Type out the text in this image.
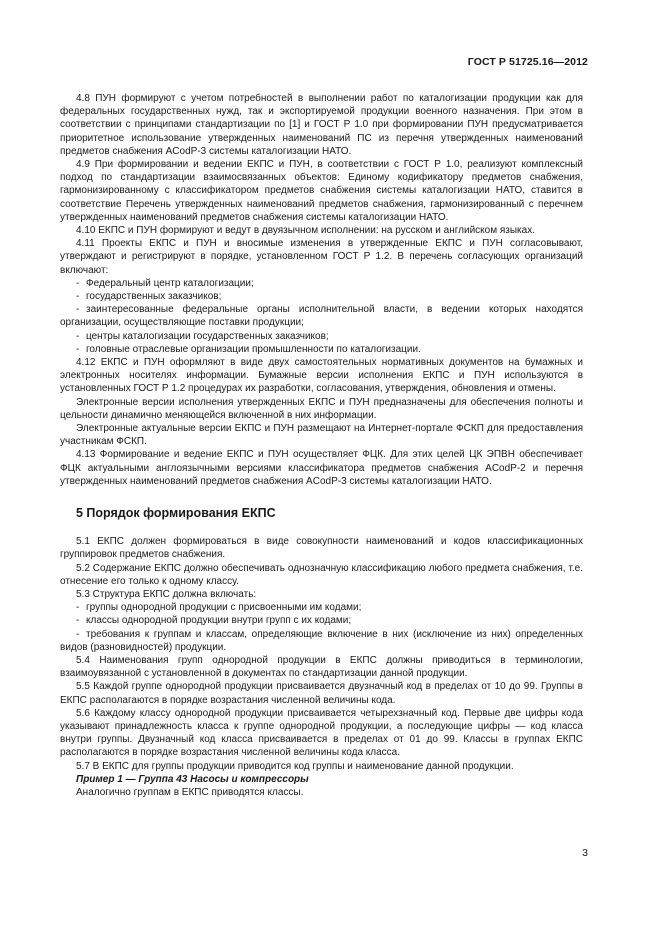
ГОСТ Р 51725.16—2012

4.8 ПУН формируют с учетом потребностей в выполнении работ по каталогизации продукции как для федеральных государственных нужд, так и экспортируемой продукции военного назначения. При этом в соответствии с принципами стандартизации по [1] и ГОСТ Р 1.0 при формировании ПУН предусматривается приоритетное использование утвержденных наименований ПС из перечня утвержденных наименований предметов снабжения ACodP-3 системы каталогизации НАТО.

4.9 При формировании и ведении ЕКПС и ПУН, в соответствии с ГОСТ Р 1.0, реализуют комплексный подход по стандартизации взаимосвязанных объектов: Единому кодификатору предметов снабжения, гармонизированному с классификатором предметов снабжения системы каталогизации НАТО, ставится в соответствие Перечень утвержденных наименований предметов снабжения, гармонизированный с перечнем утвержденных наименований предметов снабжения системы каталогизации НАТО.

4.10 ЕКПС и ПУН формируют и ведут в двуязычном исполнении: на русском и английском языках.

4.11 Проекты ЕКПС и ПУН и вносимые изменения в утвержденные ЕКПС и ПУН согласовывают, утверждают и регистрируют в порядке, установленном ГОСТ Р 1.2. В перечень согласующих организаций включают:

- Федеральный центр каталогизации;

- государственных заказчиков;

- заинтересованные федеральные органы исполнительной власти, в ведении которых находятся организации, осуществляющие поставки продукции;

- центры каталогизации государственных заказчиков;

- головные отраслевые организации промышленности по каталогизации.

4.12 ЕКПС и ПУН оформляют в виде двух самостоятельных нормативных документов на бумажных и электронных носителях информации. Бумажные версии исполнения ЕКПС и ПУН используются в установленных ГОСТ Р 1.2 процедурах их разработки, согласования, утверждения, обновления и отмены.

Электронные версии исполнения утвержденных ЕКПС и ПУН предназначены для обеспечения полноты и цельности динамично меняющейся включенной в них информации.

Электронные актуальные версии ЕКПС и ПУН размещают на Интернет-портале ФСКП для предоставления участникам ФСКП.

4.13 Формирование и ведение ЕКПС и ПУН осуществляет ФЦК. Для этих целей ЦК ЭПВН обеспечивает ФЦК актуальными англоязычными версиями классификатора предметов снабжения ACodP-2 и перечня утвержденных наименований предметов снабжения ACodP-3 системы каталогизации НАТО.

5 Порядок формирования ЕКПС

5.1 ЕКПС должен формироваться в виде совокупности наименований и кодов классификационных группировок предметов снабжения.

5.2 Содержание ЕКПС должно обеспечивать однозначную классификацию любого предмета снабжения, т.е. отнесение его только к одному классу.

5.3 Структура ЕКПС должна включать:

- группы однородной продукции с присвоенными им кодами;

- классы однородной продукции внутри групп с их кодами;

- требования к группам и классам, определяющие включение в них (исключение из них) определенных видов (разновидностей) продукции.

5.4 Наименования групп однородной продукции в ЕКПС должны приводиться в терминологии, взаимоувязанной с установленной в документах по стандартизации данной продукции.

5.5 Каждой группе однородной продукции присваивается двузначный код в пределах от 10 до 99. Группы в ЕКПС располагаются в порядке возрастания численной величины кода.

5.6 Каждому классу однородной продукции присваивается четырехзначный код. Первые две цифры кода указывают принадлежность класса к группе однородной продукции, а последующие цифры — код класса внутри группы. Двузначный код класса присваивается в пределах от 01 до 99. Классы в группах ЕКПС располагаются в порядке возрастания численной величины кода класса.

5.7 В ЕКПС для группы продукции приводится код группы и наименование данной продукции.

Пример 1 — Группа 43 Насосы и компрессоры

Аналогично группам в ЕКПС приводятся классы.

3
